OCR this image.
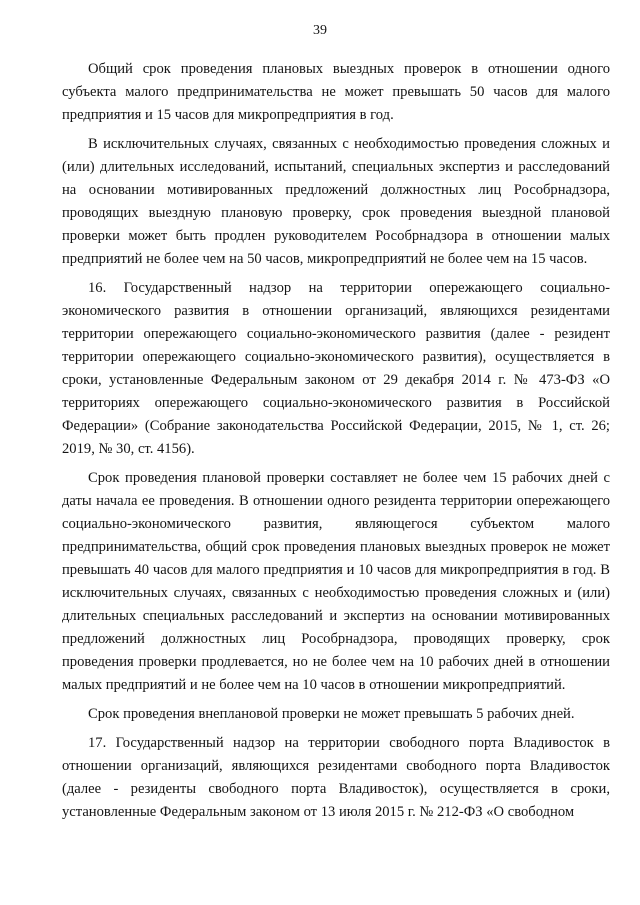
39

Общий срок проведения плановых выездных проверок в отношении одного субъекта малого предпринимательства не может превышать 50 часов для малого предприятия и 15 часов для микропредприятия в год.

В исключительных случаях, связанных с необходимостью проведения сложных и (или) длительных исследований, испытаний, специальных экспертиз и расследований на основании мотивированных предложений должностных лиц Рособрнадзора, проводящих выездную плановую проверку, срок проведения выездной плановой проверки может быть продлен руководителем Рособрнадзора в отношении малых предприятий не более чем на 50 часов, микропредприятий не более чем на 15 часов.

16. Государственный надзор на территории опережающего социально-экономического развития в отношении организаций, являющихся резидентами территории опережающего социально-экономического развития (далее - резидент территории опережающего социально-экономического развития), осуществляется в сроки, установленные Федеральным законом от 29 декабря 2014 г. № 473-ФЗ «О территориях опережающего социально-экономического развития в Российской Федерации» (Собрание законодательства Российской Федерации, 2015, № 1, ст. 26; 2019, № 30, ст. 4156).

Срок проведения плановой проверки составляет не более чем 15 рабочих дней с даты начала ее проведения. В отношении одного резидента территории опережающего социально-экономического развития, являющегося субъектом малого предпринимательства, общий срок проведения плановых выездных проверок не может превышать 40 часов для малого предприятия и 10 часов для микропредприятия в год. В исключительных случаях, связанных с необходимостью проведения сложных и (или) длительных специальных расследований и экспертиз на основании мотивированных предложений должностных лиц Рособрнадзора, проводящих проверку, срок проведения проверки продлевается, но не более чем на 10 рабочих дней в отношении малых предприятий и не более чем на 10 часов в отношении микропредприятий.

Срок проведения внеплановой проверки не может превышать 5 рабочих дней.

17. Государственный надзор на территории свободного порта Владивосток в отношении организаций, являющихся резидентами свободного порта Владивосток (далее - резиденты свободного порта Владивосток), осуществляется в сроки, установленные Федеральным законом от 13 июля 2015 г. № 212-ФЗ «О свободном
